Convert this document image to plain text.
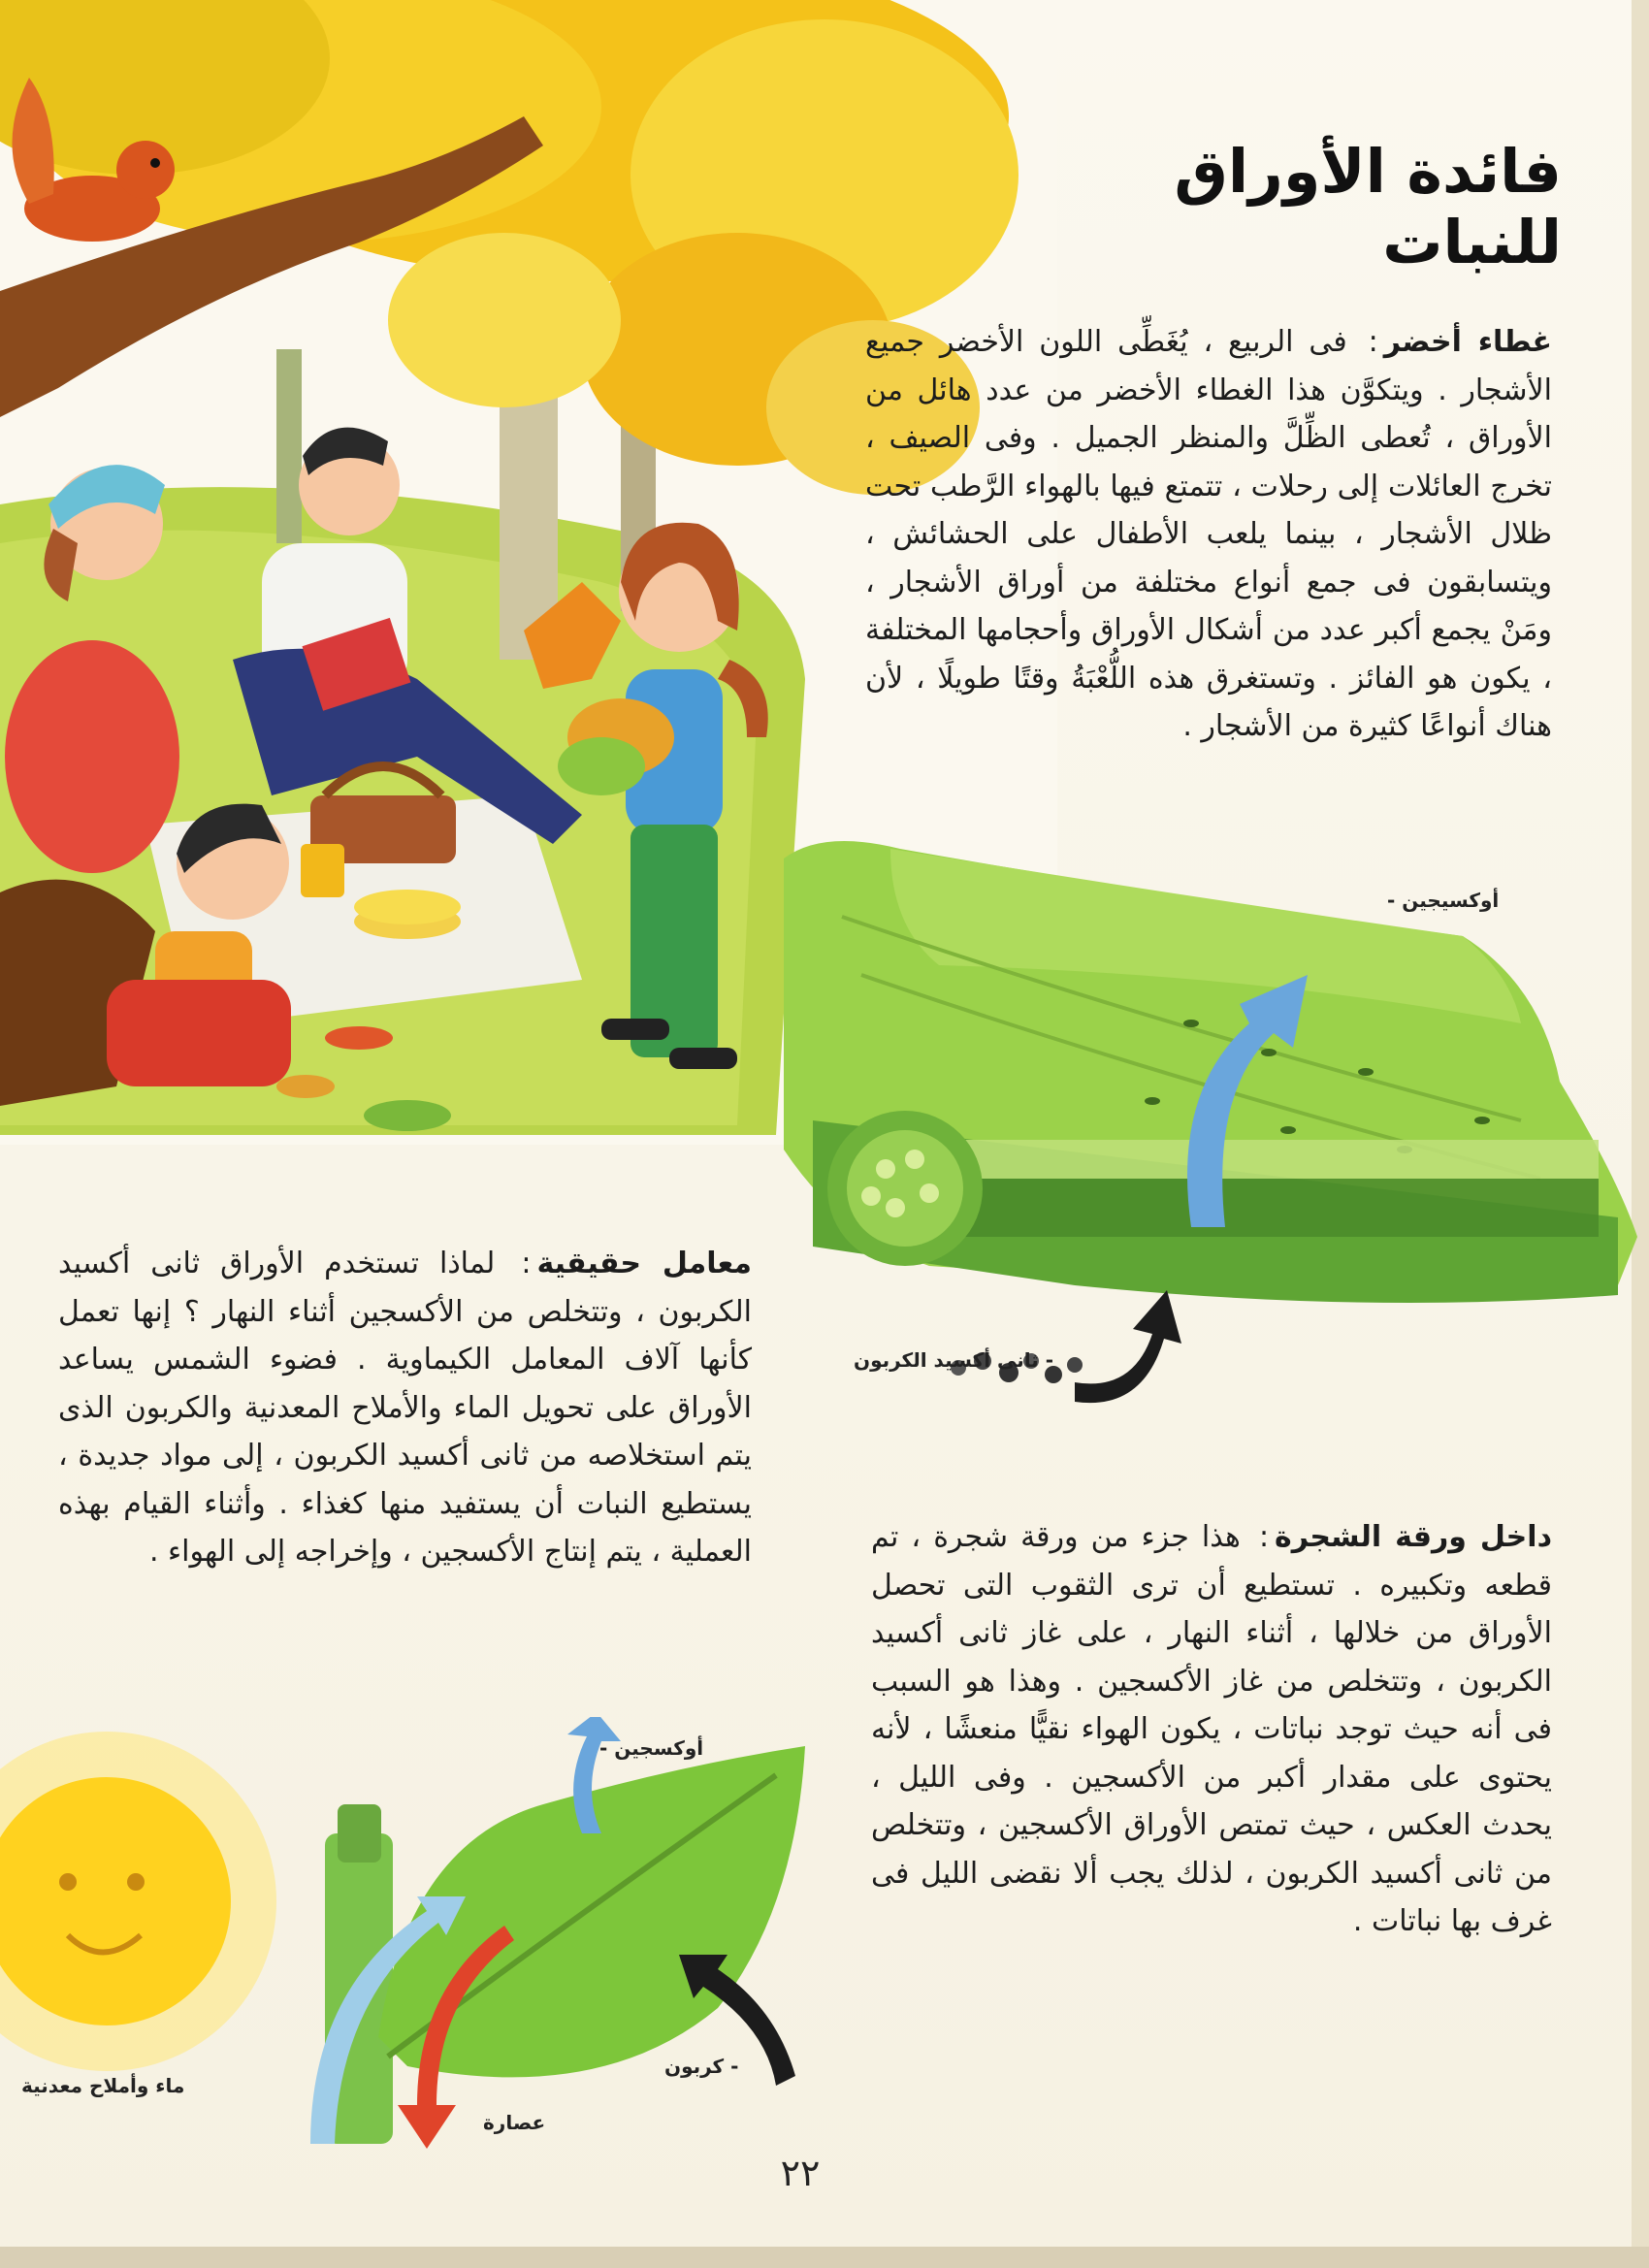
فائدة الأوراق للنبات
غطاء أخضر: فى الربيع ، يُغَطِّى اللون الأخضر جميع الأشجار . ويتكوَّن هذا الغطاء الأخضر من عدد هائل من الأوراق ، تُعطى الظِّلَّ والمنظر الجميل . وفى الصيف ، تخرج العائلات إلى رحلات ، تتمتع فيها بالهواء الرَّطب تحت ظلال الأشجار ، بينما يلعب الأطفال على الحشائش ، ويتسابقون فى جمع أنواع مختلفة من أوراق الأشجار ، ومَنْ يجمع أكبر عدد من أشكال الأوراق وأحجامها المختلفة ، يكون هو الفائز . وتستغرق هذه اللُّعْبَةُ وقتًا طويلًا ، لأن هناك أنواعًا كثيرة من الأشجار .
أوكسيجين -
- ثانى أكسيد الكربون
معامل حقيقية: لماذا تستخدم الأوراق ثانى أكسيد الكربون ، وتتخلص من الأكسجين أثناء النهار ؟ إنها تعمل كأنها آلاف المعامل الكيماوية . فضوء الشمس يساعد الأوراق على تحويل الماء والأملاح المعدنية والكربون الذى يتم استخلاصه من ثانى أكسيد الكربون ، إلى مواد جديدة ، يستطيع النبات أن يستفيد منها كغذاء . وأثناء القيام بهذه العملية ، يتم إنتاج الأكسجين ، وإخراجه إلى الهواء .	داخل ورقة الشجرة: هذا جزء من ورقة شجرة ، تم قطعه وتكبيره . تستطيع أن ترى الثقوب التى تحصل الأوراق من خلالها ، أثناء النهار ، على غاز ثانى أكسيد الكربون ، وتتخلص من غاز الأكسجين . وهذا هو السبب فى أنه حيث توجد نباتات ، يكون الهواء نقيًّا منعشًا ، لأنه يحتوى على مقدار أكبر من الأكسجين . وفى الليل ، يحدث العكس ، حيث تمتص الأوراق الأكسجين ، وتتخلص من ثانى أكسيد الكربون ، لذلك يجب ألا نقضى الليل فى غرف بها نباتات .
أوكسجين -
- كربون
عصارة
ماء وأملاح معدنية
٢٢
